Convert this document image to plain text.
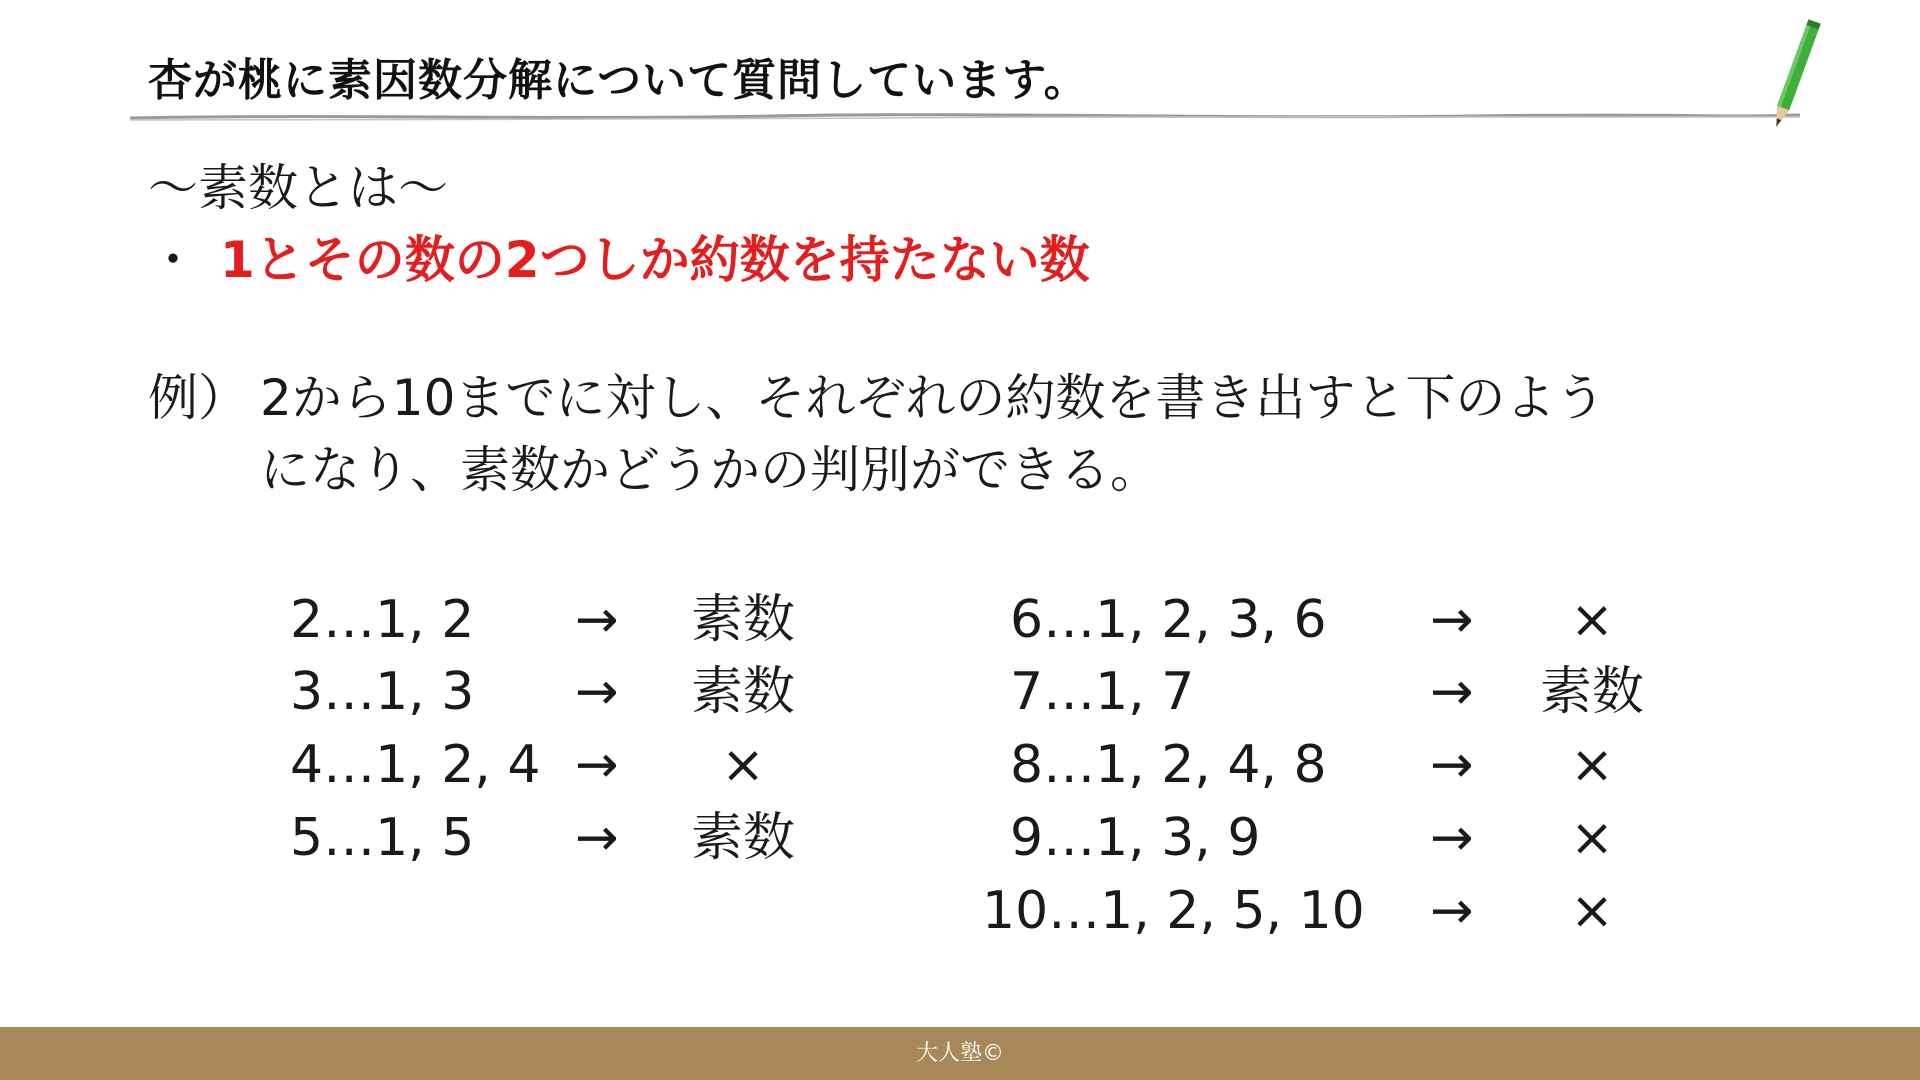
杏が桃に素因数分解について質問しています。
～素数とは～
・ 1とその数の2つしか約数を持たない数
例） 2から10までに対し、それぞれの約数を書き出すと下のよう
になり、素数かどうかの判別ができる。
2…1, 2 →	素数
3…1, 3 →	素数
4…1, 2, 4 →	×
5…1, 5 →	素数
6…1, 2, 3, 6	→	×
7…1, 7	→	素数
8…1, 2, 4, 8	→	×
9…1, 3, 9	→	×
10…1, 2, 5, 10	→	×
大人塾©
